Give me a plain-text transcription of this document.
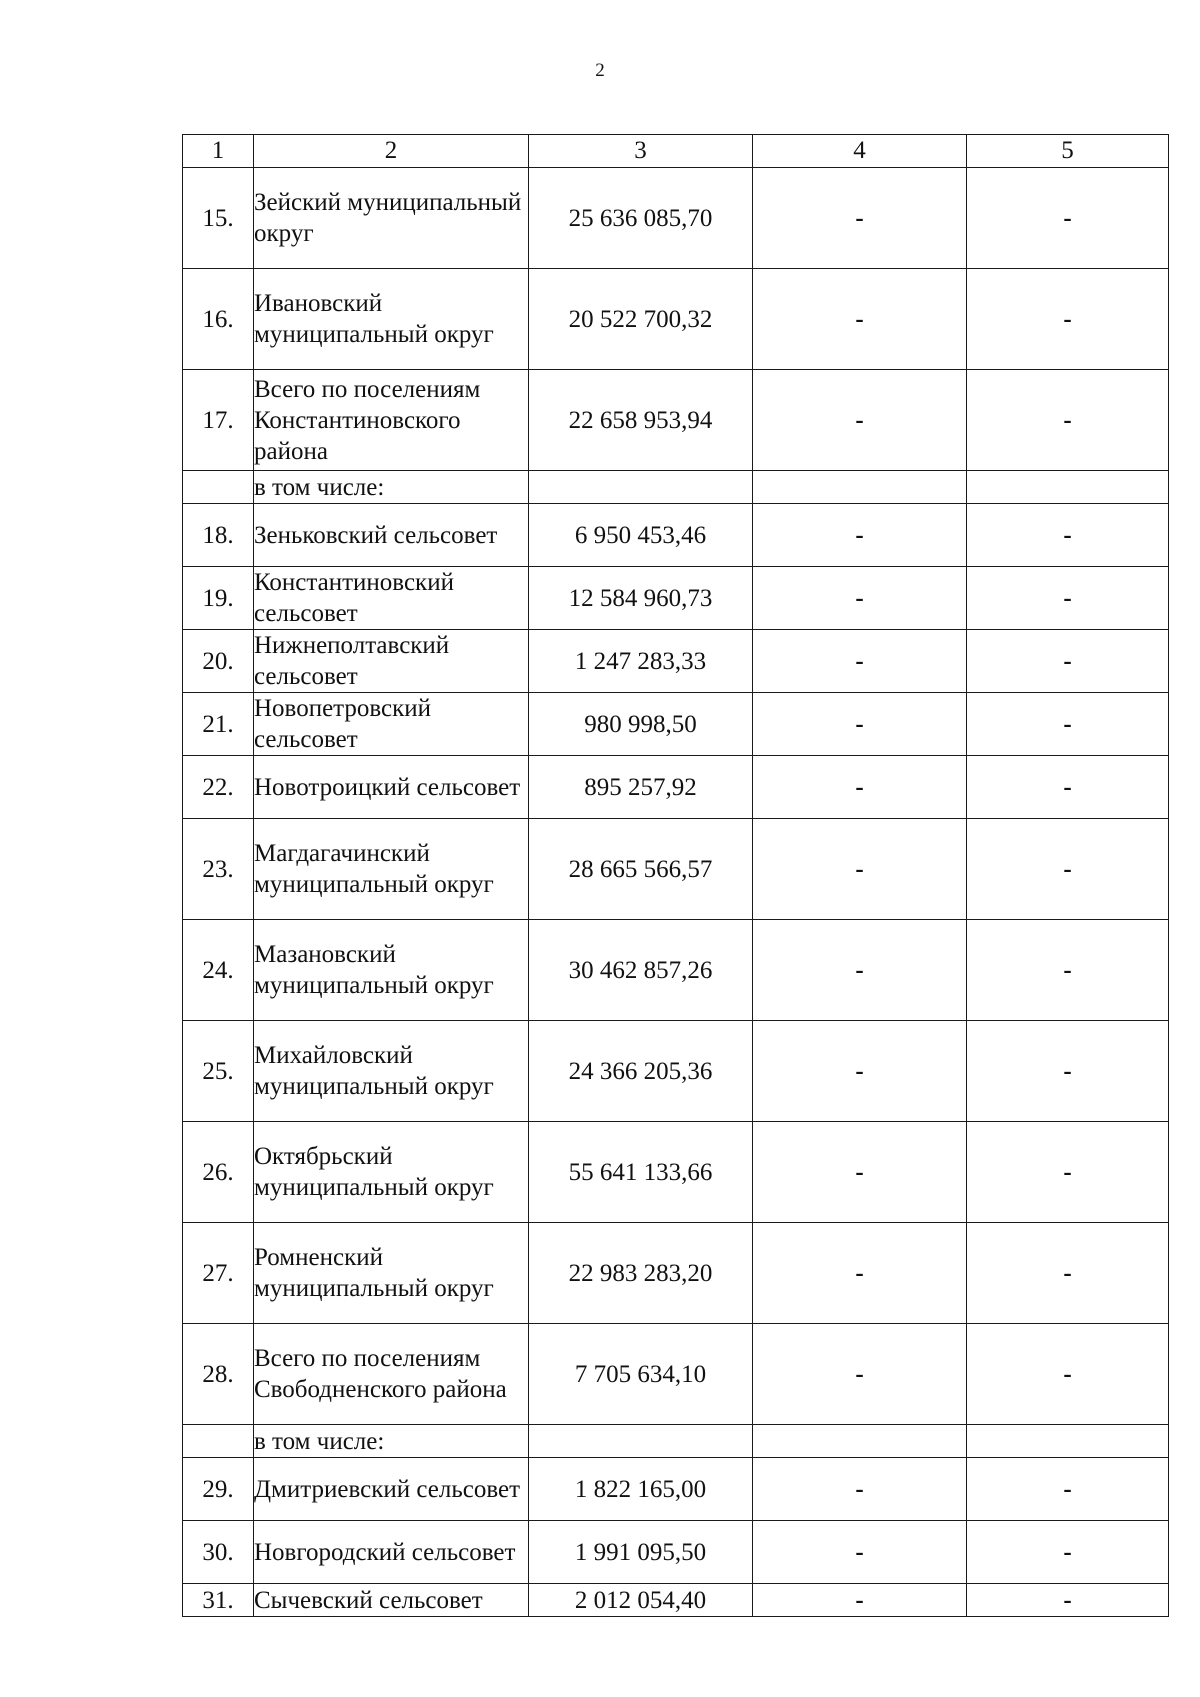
2
1	2	3	4	5
15.	Зейский муниципальный округ	25 636 085,70	-	-
16.	Ивановский муниципальный округ	20 522 700,32	-	-
17.	Всего по поселениям Константиновского района	22 658 953,94	-	-
	в том числе:			
18.	Зеньковский сельсовет	6 950 453,46	-	-
19.	Константиновский сельсовет	12 584 960,73	-	-
20.	Нижнеполтавский сельсовет	1 247 283,33	-	-
21.	Новопетровский сельсовет	980 998,50	-	-
22.	Новотроицкий сельсовет	895 257,92	-	-
23.	Магдагачинский муниципальный округ	28 665 566,57	-	-
24.	Мазановский муниципальный округ	30 462 857,26	-	-
25.	Михайловский муниципальный округ	24 366 205,36	-	-
26.	Октябрьский муниципальный округ	55 641 133,66	-	-
27.	Ромненский муниципальный округ	22 983 283,20	-	-
28.	Всего по поселениям Свободненского района	7 705 634,10	-	-
	в том числе:			
29.	Дмитриевский сельсовет	1 822 165,00	-	-
30.	Новгородский сельсовет	1 991 095,50	-	-
31.	Сычевский сельсовет	2 012 054,40	-	-
